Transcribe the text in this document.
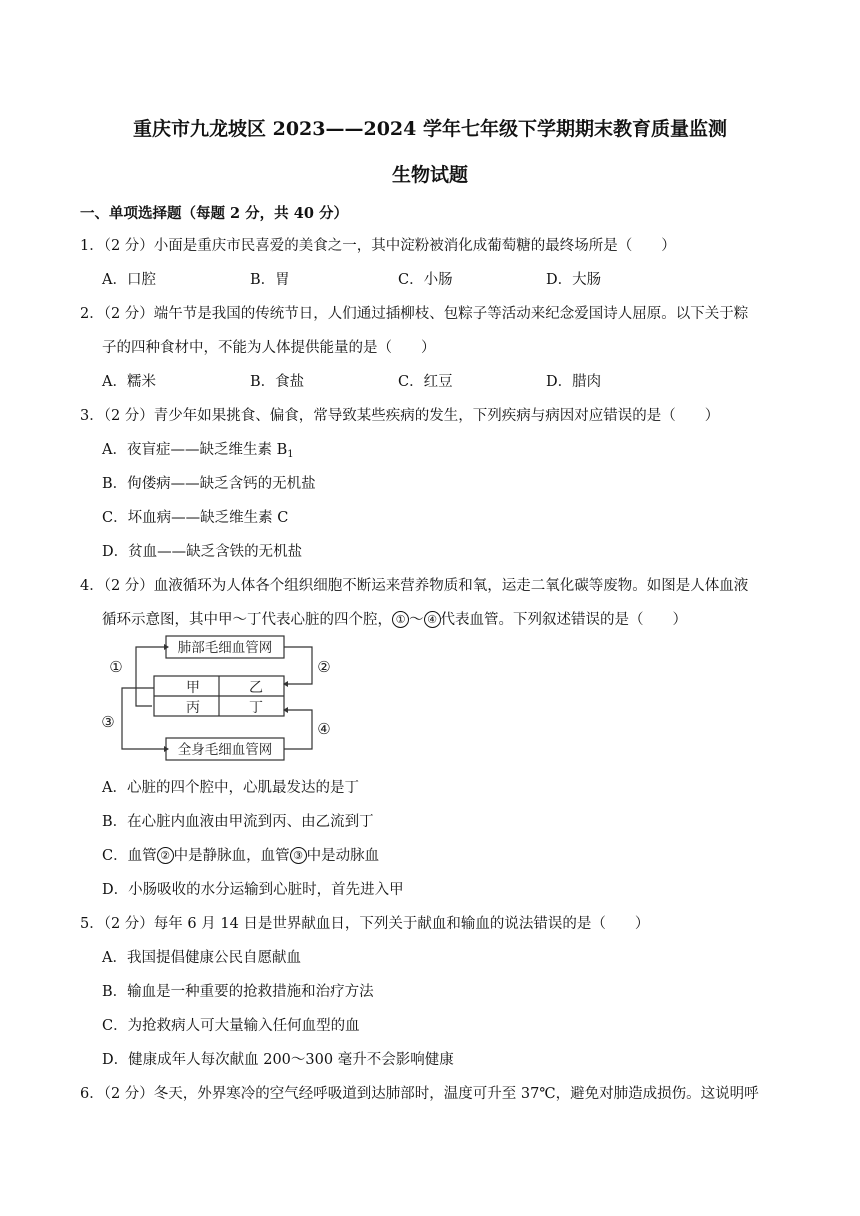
重庆市九龙坡区 2023——2024 学年七年级下学期期末教育质量监测
生物试题
一、单项选择题（每题 2 分，共 40 分）
1．（2 分）小面是重庆市民喜爱的美食之一，其中淀粉被消化成葡萄糖的最终场所是（　　）
A．口腔	B．胃	C．小肠	D．大肠
2．（2 分）端午节是我国的传统节日，人们通过插柳枝、包粽子等活动来纪念爱国诗人屈原。以下关于粽
子的四种食材中，不能为人体提供能量的是（　　）
A．糯米	B．食盐	C．红豆	D．腊肉
3．（2 分）青少年如果挑食、偏食，常导致某些疾病的发生，下列疾病与病因对应错误的是（　　）
A．夜盲症——缺乏维生素 $B_1$
B．佝偻病——缺乏含钙的无机盐
C．坏血病——缺乏维生素 C
D．贫血——缺乏含铁的无机盐
4．（2 分）血液循环为人体各个组织细胞不断运来营养物质和氧，运走二氧化碳等废物。如图是人体血液
循环示意图，其中甲～丁代表心脏的四个腔， ① ～ ④ 代表血管。下列叙述错误的是（　　）
肺部毛细血管网
全身毛细血管网
甲	乙
丙	丁
①	②
③	④
A．心脏的四个腔中，心肌最发达的是丁
B．在心脏内血液由甲流到丙、由乙流到丁
C．血管 ② 中是静脉血，血管 ③ 中是动脉血
D．小肠吸收的水分运输到心脏时，首先进入甲
5．（2 分）每年 6 月 14 日是世界献血日，下列关于献血和输血的说法错误的是（　　）
A．我国提倡健康公民自愿献血
B．输血是一种重要的抢救措施和治疗方法
C．为抢救病人可大量输入任何血型的血
D．健康成年人每次献血 200～300 毫升不会影响健康
6．（2 分）冬天，外界寒冷的空气经呼吸道到达肺部时，温度可升至 37℃，避免对肺造成损伤。这说明呼
